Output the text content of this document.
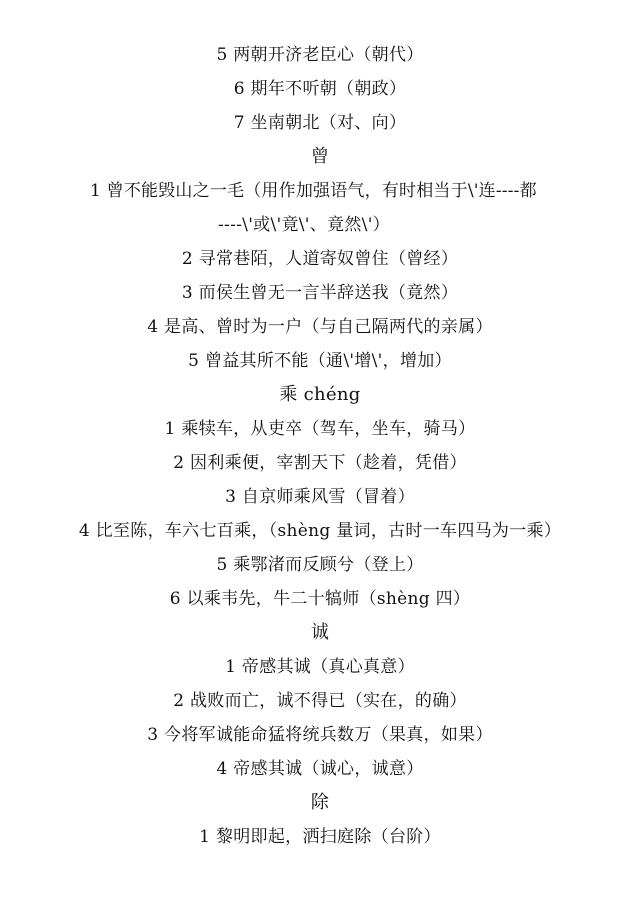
5 两朝开济老臣心（朝代）
6 期年不听朝（朝政）
7 坐南朝北（对、向）
曾
1 曾不能毁山之一毛（用作加强语气，有时相当于\'连----都
----\'或\'竟\'、竟然\'）
2 寻常巷陌，人道寄奴曾住（曾经）
3 而侯生曾无一言半辞送我（竟然）
4 是高、曾时为一户（与自己隔两代的亲属）
5 曾益其所不能（通\'增\'，增加）
乘 chéng
1 乘犊车，从吏卒（驾车，坐车，骑马）
2 因利乘便，宰割天下（趁着，凭借）
3 自京师乘风雪（冒着）
4 比至陈，车六七百乘，（shèng 量词，古时一车四马为一乘）
5 乘鄂渚而反顾兮（登上）
6 以乘韦先，牛二十犒师（shèng 四）
诚
1 帝感其诚（真心真意）
2 战败而亡，诚不得已（实在，的确）
3 今将军诚能命猛将统兵数万（果真，如果）
4 帝感其诚（诚心，诚意）
除
1 黎明即起，洒扫庭除（台阶）
